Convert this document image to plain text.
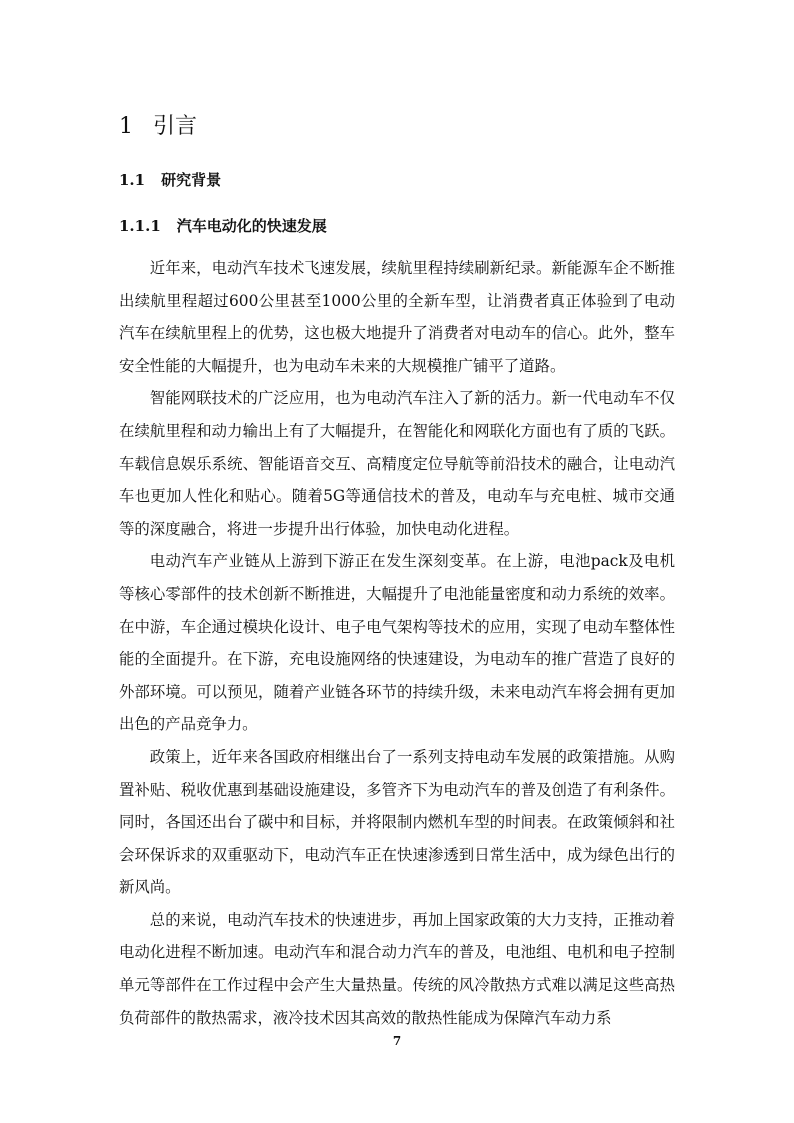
1 引言
1.1 研究背景
1.1.1 汽车电动化的快速发展

近年来，电动汽车技术飞速发展，续航里程持续刷新纪录。新能源车企不断推出续航里程超过600公里甚至1000公里的全新车型，让消费者真正体验到了电动汽车在续航里程上的优势，这也极大地提升了消费者对电动车的信心。此外，整车安全性能的大幅提升，也为电动车未来的大规模推广铺平了道路。

智能网联技术的广泛应用，也为电动汽车注入了新的活力。新一代电动车不仅在续航里程和动力输出上有了大幅提升，在智能化和网联化方面也有了质的飞跃。车载信息娱乐系统、智能语音交互、高精度定位导航等前沿技术的融合，让电动汽车也更加人性化和贴心。随着5G等通信技术的普及，电动车与充电桩、城市交通等的深度融合，将进一步提升出行体验，加快电动化进程。

电动汽车产业链从上游到下游正在发生深刻变革。在上游，电池pack及电机等核心零部件的技术创新不断推进，大幅提升了电池能量密度和动力系统的效率。在中游，车企通过模块化设计、电子电气架构等技术的应用，实现了电动车整体性能的全面提升。在下游，充电设施网络的快速建设，为电动车的推广营造了良好的外部环境。可以预见，随着产业链各环节的持续升级，未来电动汽车将会拥有更加出色的产品竞争力。

政策上，近年来各国政府相继出台了一系列支持电动车发展的政策措施。从购置补贴、税收优惠到基础设施建设，多管齐下为电动汽车的普及创造了有利条件。同时，各国还出台了碳中和目标，并将限制内燃机车型的时间表。在政策倾斜和社会环保诉求的双重驱动下，电动汽车正在快速渗透到日常生活中，成为绿色出行的新风尚。

总的来说，电动汽车技术的快速进步，再加上国家政策的大力支持，正推动着电动化进程不断加速。电动汽车和混合动力汽车的普及，电池组、电机和电子控制单元等部件在工作过程中会产生大量热量。传统的风冷散热方式难以满足这些高热负荷部件的散热需求，液冷技术因其高效的散热性能成为保障汽车动力系

7
